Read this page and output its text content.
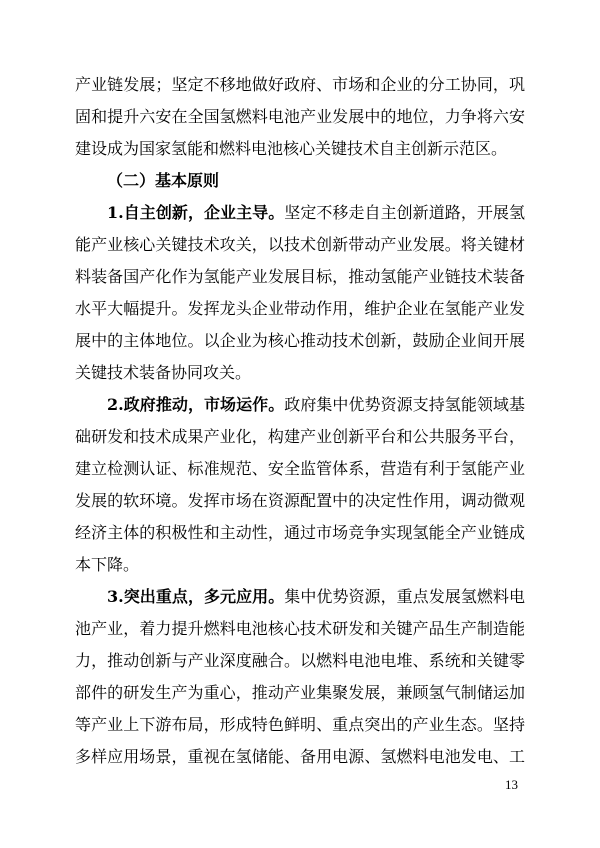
产业链发展；坚定不移地做好政府、市场和企业的分工协同，巩
固和提升六安在全国氢燃料电池产业发展中的地位，力争将六安
建设成为国家氢能和燃料电池核心关键技术自主创新示范区。
（二）基本原则
1.自主创新，企业主导。坚定不移走自主创新道路，开展氢
能产业核心关键技术攻关，以技术创新带动产业发展。将关键材
料装备国产化作为氢能产业发展目标，推动氢能产业链技术装备
水平大幅提升。发挥龙头企业带动作用，维护企业在氢能产业发
展中的主体地位。以企业为核心推动技术创新，鼓励企业间开展
关键技术装备协同攻关。
2.政府推动，市场运作。政府集中优势资源支持氢能领域基
础研发和技术成果产业化，构建产业创新平台和公共服务平台，
建立检测认证、标准规范、安全监管体系，营造有利于氢能产业
发展的软环境。发挥市场在资源配置中的决定性作用，调动微观
经济主体的积极性和主动性，通过市场竞争实现氢能全产业链成
本下降。
3.突出重点，多元应用。集中优势资源，重点发展氢燃料电
池产业，着力提升燃料电池核心技术研发和关键产品生产制造能
力，推动创新与产业深度融合。以燃料电池电堆、系统和关键零
部件的研发生产为重心，推动产业集聚发展，兼顾氢气制储运加
等产业上下游布局，形成特色鲜明、重点突出的产业生态。坚持
多样应用场景，重视在氢储能、备用电源、氢燃料电池发电、工
13
